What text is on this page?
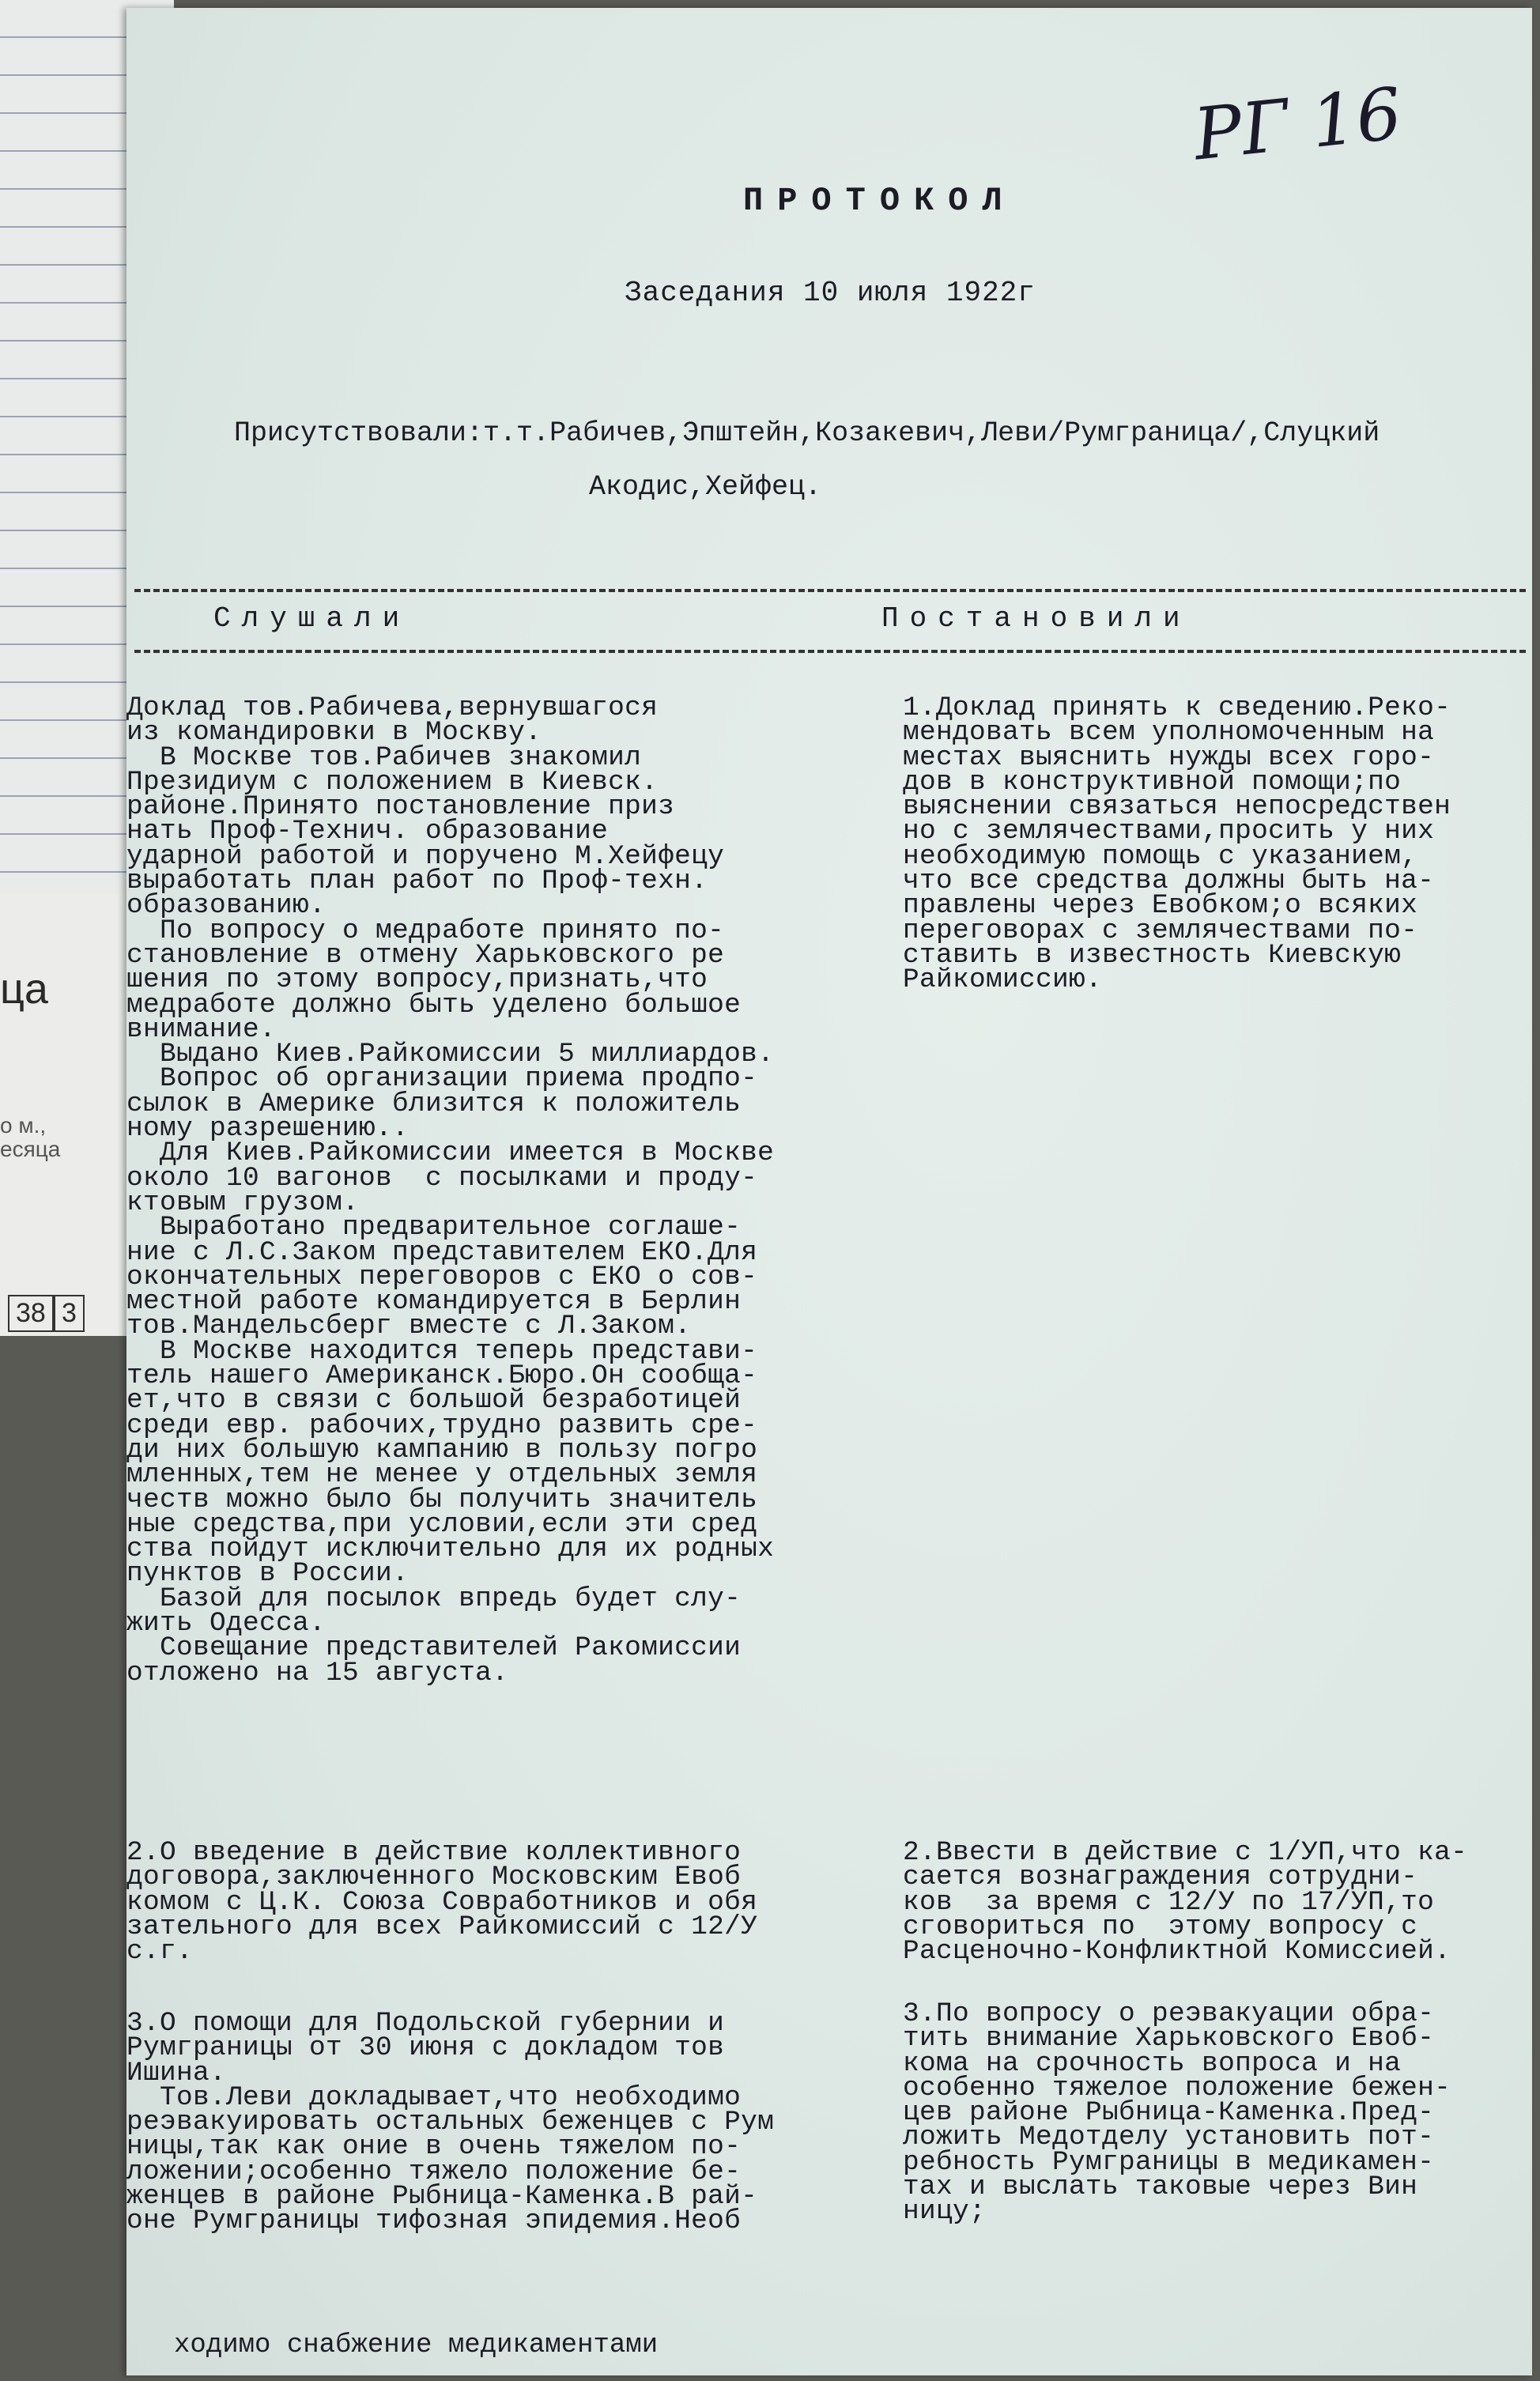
ца
о м.,
есяца
38 3
РГ 16
ПРОТОКОЛ
Заседания 10 июля 1922г
Присутствовали:т.т.Рабичев,Эпштейн,Козакевич,Леви/Румграница/,Слуцкий
Акодис,Хейфец.
Слушали	Постановили
Доклад тов.Рабичева,вернувшагося
из командировки в Москву.
В Москве тов.Рабичев знакомил
Президиум с положением в Киевск.
районе.Принято постановление приз
нать Проф-Технич. образование
ударной работой и поручено М.Хейфецу
выработать план работ по Проф-техн.
образованию.
По вопросу о медработе принято по-
становление в отмену Харьковского ре
шения по этому вопросу,признать,что
медработе должно быть уделено большое
внимание.
Выдано Киев.Райкомиссии 5 миллиардов.
Вопрос об организации приема продпо-
сылок в Америке близится к положитель
ному разрешению..
Для Киев.Райкомиссии имеется в Москве
около 10 вагонов  с посылками и проду-
ктовым грузом.
Выработано предварительное соглаше-
ние с Л.С.Заком представителем ЕКО.Для
окончательных переговоров с ЕКО о сов-
местной работе командируется в Берлин
тов.Мандельсберг вместе с Л.Заком.
В Москве находится теперь представи-
тель нашего Американск.Бюро.Он сообща-
ет,что в связи с большой безработицей
среди евр. рабочих,трудно развить сре-
ди них большую кампанию в пользу погро
мленных,тем не менее у отдельных земля
честв можно было бы получить значитель
ные средства,при условии,если эти сред
ства пойдут исключительно для их родных
пунктов в России.
Базой для посылок впредь будет слу-
жить Одесса.
Совещание представителей Ракомиссии
отложено на 15 августа.
1.Доклад принять к сведению.Реко-
мендовать всем уполномоченным на
местах выяснить нужды всех горо-
дов в конструктивной помощи;по
выяснении связаться непосредствен
но с землячествами,просить у них
необходимую помощь с указанием,
что все средства должны быть на-
правлены через Евобком;о всяких
переговорах с землячествами по-
ставить в известность Киевскую
Райкомиссию.
2.О введение в действие коллективного
договора,заключенного Московским Евоб
комом с Ц.К. Союза Совработников и обя
зательного для всех Райкомиссий с 12/У
с.г.
2.Ввести в действие с 1/УП,что ка-
сается вознаграждения сотрудни-
ков  за время с 12/У по 17/УП,то
сговориться по  этому вопросу с
Расценочно-Конфликтной Комиссией.
3.О помощи для Подольской губернии и
Румграницы от 30 июня с докладом тов
Ишина.
Тов.Леви докладывает,что необходимо
реэвакуировать остальных беженцев с Рум
ницы,так как оние в очень тяжелом по-
ложении;особенно тяжело положение бе-
женцев в районе Рыбница-Каменка.В рай-
оне Румграницы тифозная эпидемия.Необ
3.По вопросу о реэвакуации обра-
тить внимание Харьковского Евоб-
кома на срочность вопроса и на
особенно тяжелое положение бежен-
цев районе Рыбница-Каменка.Пред-
ложить Медотделу установить пот-
ребность Румграницы в медикамен-
тах и выслать таковые через Вин
ницу;
ходимо снабжение медикаментами
